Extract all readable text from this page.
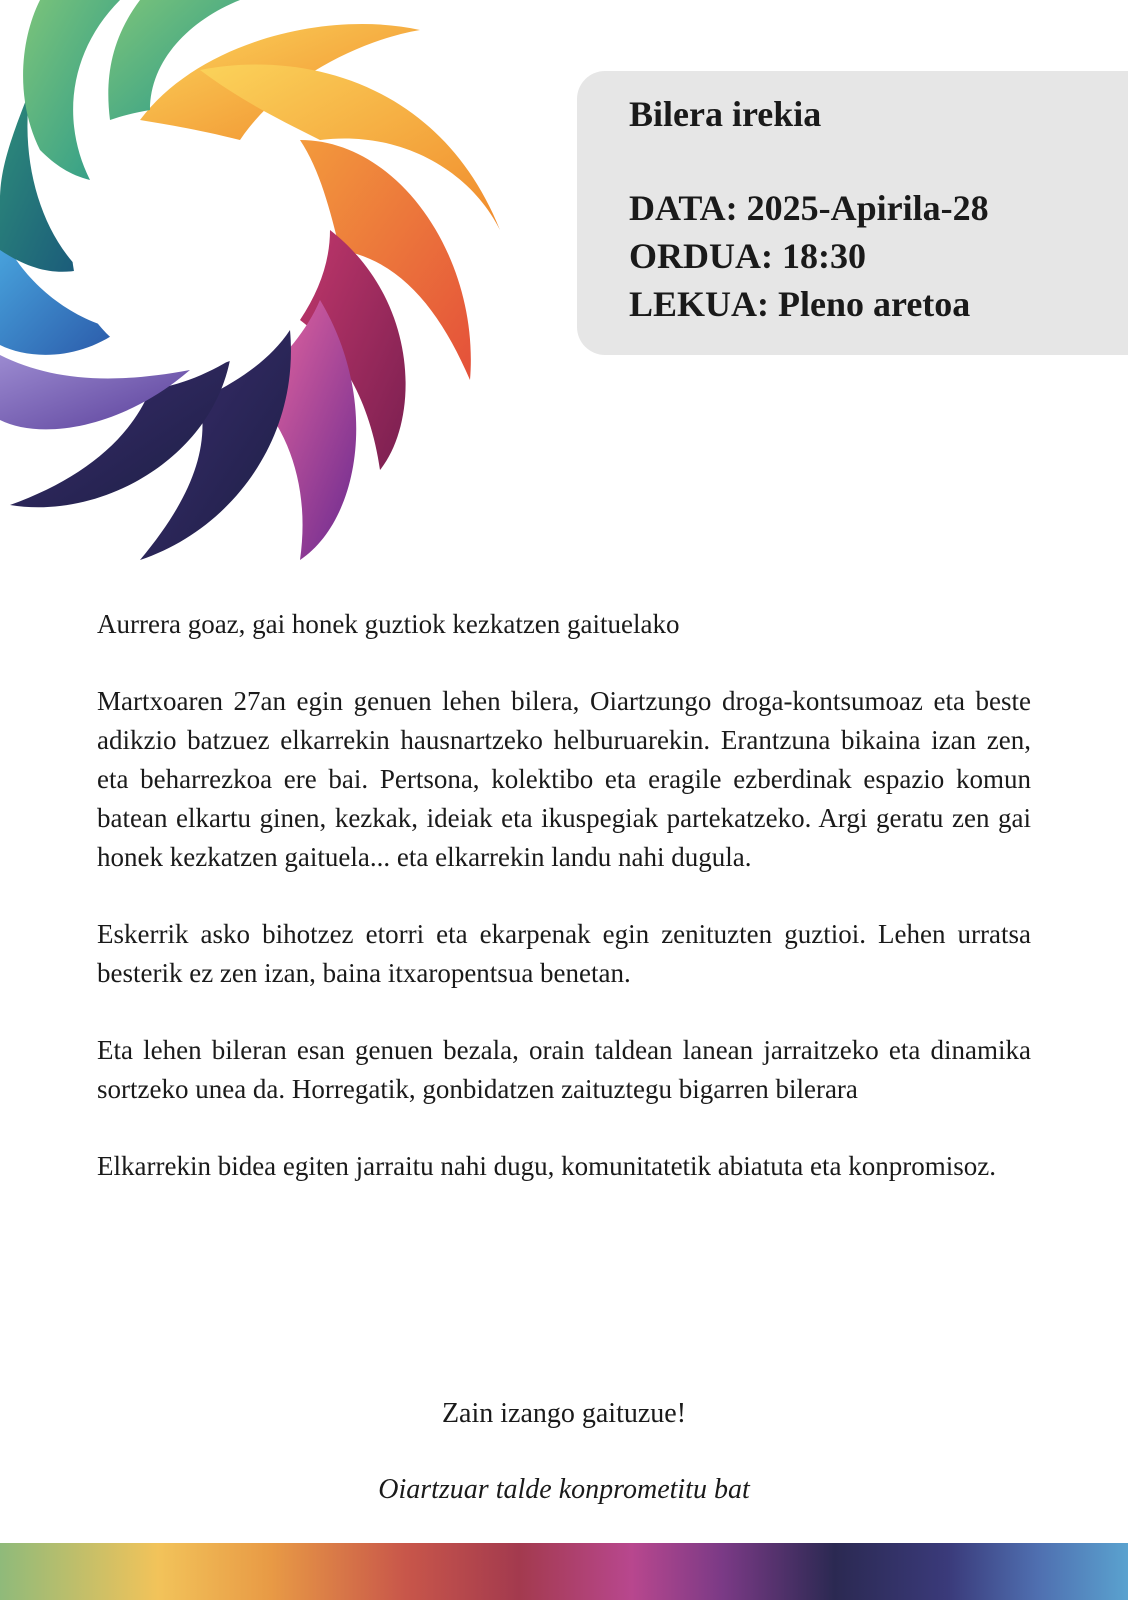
Bilera irekia

DATA: 2025-Apirila-28

ORDUA: 18:30

LEKUA: Pleno aretoa

Aurrera goaz, gai honek guztiok kezkatzen gaituelako

Martxoaren 27an egin genuen lehen bilera, Oiartzungo droga-kontsumoaz eta beste adikzio batzuez elkarrekin hausnartzeko helburuarekin. Erantzuna bikaina izan zen, eta beharrezkoa ere bai. Pertsona, kolektibo eta eragile ezberdinak espazio komun batean elkartu ginen, kezkak, ideiak eta ikuspegiak partekatzeko. Argi geratu zen gai honek kezkatzen gaituela... eta elkarrekin landu nahi dugula.

Eskerrik asko bihotzez etorri eta ekarpenak egin zenituzten guztioi. Lehen urratsa besterik ez zen izan, baina itxaropentsua benetan.

Eta lehen bileran esan genuen bezala, orain taldean lanean jarraitzeko eta dinamika sortzeko unea da. Horregatik, gonbidatzen zaituztegu bigarren bilerara

Elkarrekin bidea egiten jarraitu nahi dugu, komunitatetik abiatuta eta konpromisoz.

Zain izango gaituzue!

Oiartzuar talde konprometitu bat
